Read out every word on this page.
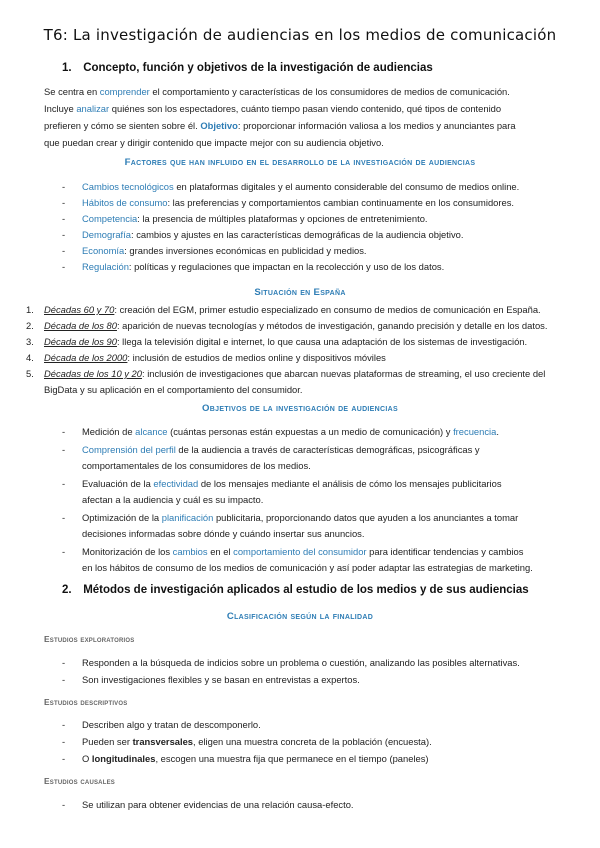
T6: La investigación de audiencias en los medios de comunicación
1. Concepto, función y objetivos de la investigación de audiencias
Se centra en comprender el comportamiento y características de los consumidores de medios de comunicación.
Incluye analizar quiénes son los espectadores, cuánto tiempo pasan viendo contenido, qué tipos de contenido
prefieren y cómo se sienten sobre él. Objetivo: proporcionar información valiosa a los medios y anunciantes para
que puedan crear y dirigir contenido que impacte mejor con su audiencia objetivo.
Factores que han influido en el desarrollo de la investigación de audiencias
- Cambios tecnológicos en plataformas digitales y el aumento considerable del consumo de medios online.
- Hábitos de consumo: las preferencias y comportamientos cambian continuamente en los consumidores.
- Competencia: la presencia de múltiples plataformas y opciones de entretenimiento.
- Demografía: cambios y ajustes en las características demográficas de la audiencia objetivo.
- Economía: grandes inversiones económicas en publicidad y medios.
- Regulación: políticas y regulaciones que impactan en la recolección y uso de los datos.
Situación en España
1. Décadas 60 y 70: creación del EGM, primer estudio especializado en consumo de medios de comunicación en España.
2. Década de los 80: aparición de nuevas tecnologías y métodos de investigación, ganando precisión y detalle en los datos.
3. Década de los 90: llega la televisión digital e internet, lo que causa una adaptación de los sistemas de investigación.
4. Década de los 2000: inclusión de estudios de medios online y dispositivos móviles
5. Décadas de los 10 y 20: inclusión de investigaciones que abarcan nuevas plataformas de streaming, el uso creciente del
BigData y su aplicación en el comportamiento del consumidor.
Objetivos de la investigación de audiencias
- Medición de alcance (cuántas personas están expuestas a un medio de comunicación) y frecuencia.
- Comprensión del perfil de la audiencia a través de características demográficas, psicográficas y
comportamentales de los consumidores de los medios.
- Evaluación de la efectividad de los mensajes mediante el análisis de cómo los mensajes publicitarios
afectan a la audiencia y cuál es su impacto.
- Optimización de la planificación publicitaria, proporcionando datos que ayuden a los anunciantes a tomar
decisiones informadas sobre dónde y cuándo insertar sus anuncios.
- Monitorización de los cambios en el comportamiento del consumidor para identificar tendencias y cambios
en los hábitos de consumo de los medios de comunicación y así poder adaptar las estrategias de marketing.
2. Métodos de investigación aplicados al estudio de los medios y de sus audiencias
Clasificación según la finalidad
Estudios exploratorios
- Responden a la búsqueda de indicios sobre un problema o cuestión, analizando las posibles alternativas.
- Son investigaciones flexibles y se basan en entrevistas a expertos.
Estudios descriptivos
- Describen algo y tratan de descomponerlo.
- Pueden ser transversales, eligen una muestra concreta de la población (encuesta).
- O longitudinales, escogen una muestra fija que permanece en el tiempo (paneles)
Estudios causales
- Se utilizan para obtener evidencias de una relación causa-efecto.
